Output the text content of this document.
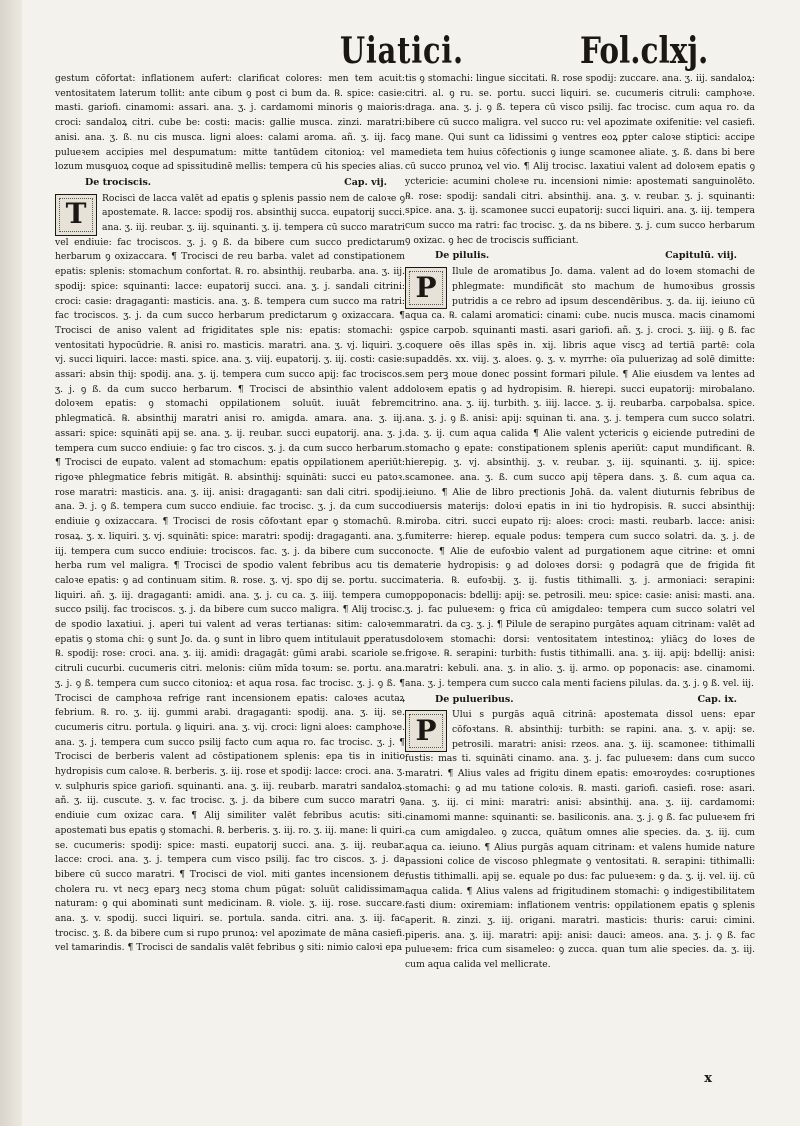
Uiatici.	Fol.clxj.

gestum cōfortat: inflationem aufert: clarificat colores: men tem acuit: ventositatem laterum tollit: ante cibum ꝯ post ci bum da. ℞. spice: casie: masti. gariofi. cinamomi: assari. ana. ʒ. j. cardamomi minoris ꝯ maioris: croci: sandaloꝝ citri. cube be: costi: macis: gallie musca. zinzi. maratri: anisi. ana. ʒ. ß. nu cis musca. ligni aloes: calami aroma. añ. ʒ. iij. fac pulueꝛem accipies mel despumatum: mitte tantūdem citonioꝝ: vel ma lozum musꝙuoꝝ coque ad spissitudinē mellis: tempera cū his species alias.

De trociscis.	Cap. vij.

T	Rocisci de lacca valēt ad epatis ꝯ splenis passio nem de caloꝛe ꝯ apostemate. ℞. lacce: spodij ros. absinthij succa. eupatorij succi. ana. ʒ. iij. reubar. ʒ. iij. squinanti. ʒ. ij. tempera cū succo maratri vel endiuie: fac trociscos. ʒ. j. ꝯ ß. da bibere cum succo predictarum herbarum ꝯ oxizaccara. ¶ Trocisci de reu barba. valet ad constipationem epatis: splenis: stomachum confortat. ℞. ro. absinthij. reubarba. ana. ʒ. iij. spodij: spice: squinanti: lacce: eupatorij succi. ana. ʒ. j. sandali citrini: croci: casie: dragaganti: masticis. ana. ʒ. ß. tempera cum succo ma ratri: fac trociscos. ʒ. j. da cum succo herbarum predictarum ꝯ oxizaccara. ¶ Trocisci de aniso valent ad frigiditates sple nis: epatis: stomachi: ꝯ ventositati hypocūdrie. ℞. anisi ro. masticis. maratri. ana. ʒ. vj. liquiri. ʒ. vj. succi liquiri. lacce: masti. spice. ana. ʒ. viij. eupatorij. ʒ. iij. costi: casie: assari: absin thij: spodij. ana. ʒ. ij. tempera cum succo apij: fac trociscos. ʒ. j. ꝯ ß. da cum succo herbarum. ¶ Trocisci de absinthio valent ad doloꝛem epatis: ꝯ stomachi oppilationem soluūt. iuuāt febrem phlegmaticā. ℞. absinthij maratri anisi ro. amigda. amara. ana. ʒ. iij. assari: spice: squināti apij se. ana. ʒ. ij. reubar. succi eupatorij. ana. ʒ. j. tempera cum succo endiuie: ꝯ fac tro ciscos. ʒ. j. da cum succo herbarum. ¶ Trocisci de eupato. valent ad stomachum: epatis oppilationem aperiūt: rigoꝛe phlegmatice febris mitigāt. ℞. absinthij: squināti: succi eu patoꝛ. rose maratri: masticis. ana. ʒ. iij. anisi: dragaganti: san dali citri. spodij. ana. ℈. j. ꝯ ß. tempera cum succo endiuie. fac trocisc. ʒ. j. da cum succo endiuie ꝯ oxizaccara. ¶ Trocisci de rosis cōfoꝛtant epar ꝯ stomachū. ℞. rosaꝝ. ʒ. x. liquiri. ʒ. vj. squināti: spice: maratri: spodij: dragaganti. ana. ʒ. iij. tempera cum succo endiuie: trociscos. fac. ʒ. j. da bibere cum succo herba rum vel maligra. ¶ Trocisci de spodio valent febribus acu tis de caloꝛe epatis: ꝯ ad continuam sitim. ℞. rose. ʒ. vj. spo dij se. portu. succi liquiri. añ. ʒ. iij. dragaganti: amidi. ana. ʒ. j. cu ca. ʒ. iiij. tempera cum succo psilij. fac trociscos. ʒ. j. da bibere cum succo maligra. ¶ Alij trocisc. de spodio laxatiui. j. aperi tui valent ad veras tertianas: sitim: caloꝛem epatis ꝯ stoma chi: ꝯ sunt Jo. da. ꝯ sunt in libro quem intitulauit ꝑperatus ℞. spodij: rose: croci. ana. ʒ. iij. amidi: dragagāt: gūmi arabi. scariole se. citruli cucurbi. cucumeris citri. melonis: ciūm mīda toꝛum: se. portu. ana. ʒ. j. ꝯ ß. tempera cum succo citonioꝝ: et aqua rosa. fac trocisc. ʒ. j. ꝯ ß. ¶ Trocisci de camphoꝛa refrige rant incensionem epatis: caloꝛes acutaꝝ febrium. ℞. ro. ʒ. iij. gummi arabi. dragaganti: spodij. ana. ʒ. iij. se. cucumeris citru. portula. ꝯ liquiri. ana. ʒ. vij. croci: ligni aloes: camphoꝛe. ana. ʒ. j. tempera cum succo psilij facto cum aqua ro. fac trocisc. ʒ. j. ¶ Trocisci de berberis valent ad cōstipationem splenis: epa tis in initio hydropisis cum caloꝛe. ℞. berberis. ʒ. iij. rose et spodij: lacce: croci. ana. ʒ. v. sulphuris spice gariofi. squinanti. ana. ʒ. iij. reubarb. maratri sandaloꝝ. añ. ʒ. iij. cuscute. ʒ. v. fac trocisc. ʒ. j. da bibere cum succo maratri ꝯ endiuie cum oxizac cara. ¶ Alij similiter valēt febribus acutis: siti. apostemati bus epatis ꝯ stomachi. ℞. berberis. ʒ. iij. ro. ʒ. iij. mane: li quiri. se. cucumeris: spodij: spice: masti. eupatorij succi. ana. ʒ. iij. reubar. lacce: croci. ana. ʒ. j. tempera cum visco psilij. fac tro ciscos. ʒ. j. da bibere cū succo maratri. ¶ Trocisci de viol. miti gantes incensionem de cholera ru. vt necꝫ eparꝫ necꝫ stoma chum pūgat: soluūt calidissimam naturam: ꝯ qui abominati sunt medicinam. ℞. viole. ʒ. iij. rose. succare. ana. ʒ. v. spodij. succi liquiri. se. portula. sanda. citri. ana. ʒ. iij. fac trocisc. ʒ. ß. da bibere cum si rupo prunoꝝ: vel apozimate de māna casiefi. vel tamarindis. ¶ Trocisci de sandalis valēt febribus ꝯ siti: nimio caloꝛi epa

tis ꝯ stomachi: lingue siccitati. ℞. rose spodij: zuccare. ana. ʒ. iij. sandaloꝝ: citri. al. ꝯ ru. se. portu. succi liquiri. se. cucumeris citruli: camphoꝛe. draga. ana. ʒ. j. ꝯ ß. tepera cū visco psilij. fac trocisc. cum aqua ro. da bibere cū succo maligra. vel succo ru: vel apozimate oxifenitie: vel casiefi. ꝯ mane. Qui sunt ca lidissimi ꝯ ventres eoꝝ ꝑpter caloꝛe stiptici: accipe medieta tem huius cōfectionis ꝯ iunge scamonee aliate. ʒ. ß. dans bi bere cū succo prunoꝝ vel vio. ¶ Alij trocisc. laxatiui valent ad doloꝛem epatis ꝯ yctericie: acumini choleꝛe ru. incensioni nimie: apostemati sanguinolēto. ℞. rose: spodij: sandali citri. absinthij. ana. ʒ. v. reubar. ʒ. j. squinanti: spice. ana. ʒ. ij. scamonee succi eupatorij: succi liquiri. ana. ʒ. iij. tempera cum succo ma ratri: fac trocisc. ʒ. da ns bibere. ʒ. j. cum succo herbarum ꝯ oxizac. ꝯ hec de trociscis sufficiant.

De pilulis.	Capitulū. viij.

P	Ilule de aromatibus Jo. dama. valent ad do loꝛem stomachi de phlegmate: mundificāt sto machum de humoꝛibus grossis putridis a ce rebro ad ipsum descendēribus. ʒ. da. iij. ieiuno cū aqua ca. ℞. calami aromatici: cinami: cube. nucis musca. macis cinamomi spice carpob. squinanti masti. asari gariofi. añ. ʒ. j. croci. ʒ. iiij. ꝯ ß. fac coquere oēs illas spēs in. xij. libris aque viscꝫ ad tertiā partē: cola supaddēs. xx. viij. ʒ. aloes. ꝯ. ʒ. v. myrrhe: oīa puluerizaꝯ ad solē dimitte: sem perꝫ moue donec possint formari pilule. ¶ Alie eiusdem va lentes ad doloꝛem epatis ꝯ ad hydropisim. ℞. hierepi. succi eupatorij: mirobalano. citrino. ana. ʒ. iij. turbith. ʒ. iiij. lacce. ʒ. ij. reubarba. carpobalsa. spice. ana. ʒ. j. ꝯ ß. anisi: apij: squinan ti. ana. ʒ. j. tempera cum succo solatri. da. ʒ. ij. cum aqua calida ¶ Alie valent yctericis ꝯ eiciende putredini de stomacho ꝯ epate: constipationem splenis aperiūt: caput mundificant. ℞. hierepig. ʒ. vj. absinthij. ʒ. v. reubar. ʒ. iij. squinanti. ʒ. iij. spice: scamonee. ana. ʒ. ß. cum succo apij tēpera dans. ʒ. ß. cum aqua ca. ieiuno. ¶ Alie de libro prectionis Johā. da. valent diuturnis febribus de diuersis materijs: doloꝛi epatis in ini tio hydropisis. ℞. succi absinthij: miroba. citri. succi eupato rij: aloes: croci: masti. reubarb. lacce: anisi: fumiterre: hierep. equale podus: tempera cum succo solatri. da. ʒ. j. de nocte. ¶ Alie de eufoꝛbio valent ad purgationem aque citrine: et omni materie hydropisis: ꝯ ad doloꝛes dorsi: ꝯ podagrā que de frigida fit materia. ℞. eufoꝛbij. ʒ. ij. fustis tithimalli. ʒ. j. armoniaci: serapini: oppoponacis: bdellij: apij: se. petrosili. meu: spice: casie: anisi: masti. ana. ʒ. j. fac pulueꝛem: ꝯ frica cū amigdaleo: tempera cum succo solatri vel maratri. da cꝫ. ʒ. j. ¶ Pilule de serapino purgātes aquam citrinam: valēt ad doloꝛem stomachi: dorsi: ventositatem intestinoꝝ: yliācꝫ do loꝛes de frigoꝛe. ℞. serapini: turbith: fustis tithimalli. ana. ʒ. iij. apij: bdellij: anisi: maratri: kebuli. ana. ʒ. in alio. ʒ. ij. armo. op poponacis: ase. cinamomi. ana. ʒ. j. tempera cum succo cala menti faciens pilulas. da. ʒ. j. ꝯ ß. vel. iij.

De pulueribus.	Cap. ix.

P	Ului s purgās aquā citrinā: apostemata dissol uens: epar cōfoꝛtans. ℞. absinthij: turbith: se rapini. ana. ʒ. v. apij: se. petrosili. maratri: anisi: rzeos. ana. ʒ. iij. scamonee: tithimalli fustis: mas ti. squināti cinamo. ana. ʒ. j. fac pulueꝛem: dans cum succo maratri. ¶ Alius vales ad frigitu dinem epatis: emoꝛroydes: coꝛruptiones stomachi: ꝯ ad mu tatione coloꝛis. ℞. masti. gariofi. casiefi. rose: asari. ana. ʒ. iij. ci mini: maratri: anisi: absinthij. ana. ʒ. iij. cardamomi: cinamomi manne: squinanti: se. basiliconis. ana. ʒ. j. ꝯ ß. fac pulueꝛem fri ca cum amigdaleo. ꝯ zucca, quātum omnes alie species. da. ʒ. iij. cum aqua ca. ieiuno. ¶ Alius purgās aquam citrinam: et valens humide nature passioni colice de viscoso phlegmate ꝯ ventositati. ℞. serapini: tithimalli: fustis tithimalli. apij se. equale po dus: fac pulueꝛem: ꝯ da. ʒ. ij. vel. iij. cū aqua calida. ¶ Alius valens ad frigitudinem stomachi: ꝯ indigestibilitatem fasti dium: oxiremiam: inflationem ventris: oppilationem epatis ꝯ splenis aperit. ℞. zinzi. ʒ. iij. origani. maratri. masticis: thuris: carui: cimini. piperis. ana. ʒ. iij. maratri: apij: anisi: dauci: ameos. ana. ʒ. j. ꝯ ß. fac pulueꝛem: frica cum sisameleo: ꝯ zucca. quan tum alie species. da. ʒ. iij. cum aqua calida vel mellicrate.

x
